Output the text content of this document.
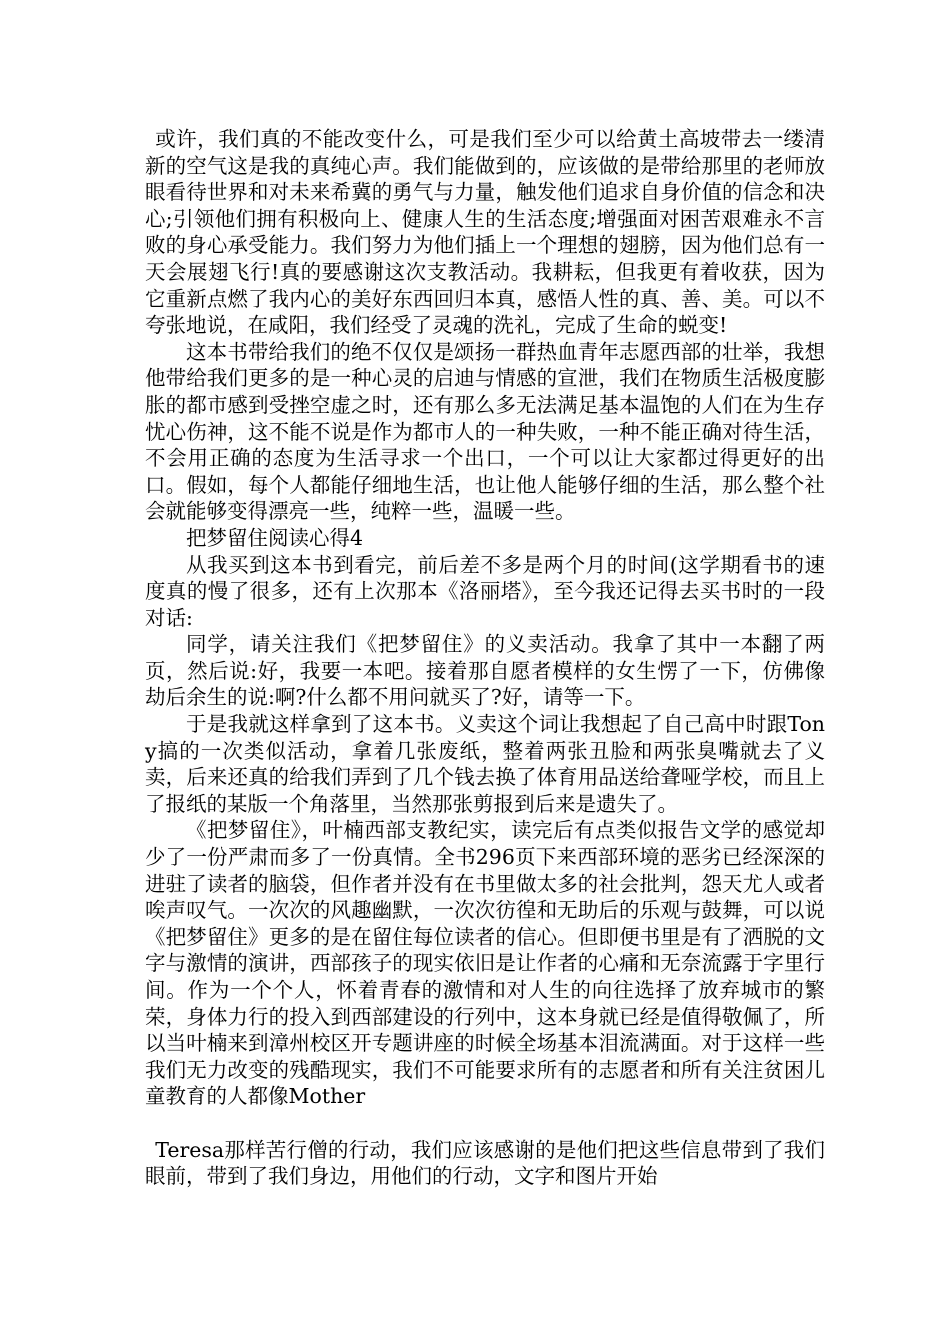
或许，我们真的不能改变什么，可是我们至少可以给黄土高坡带去一缕清新的空气这是我的真纯心声。我们能做到的，应该做的是带给那里的老师放眼看待世界和对未来希冀的勇气与力量，触发他们追求自身价值的信念和决心;引领他们拥有积极向上、健康人生的生活态度;增强面对困苦艰难永不言败的身心承受能力。我们努力为他们插上一个理想的翅膀，因为他们总有一天会展翅飞行!真的要感谢这次支教活动。我耕耘，但我更有着收获，因为它重新点燃了我内心的美好东西回归本真，感悟人性的真、善、美。可以不夸张地说，在咸阳，我们经受了灵魂的洗礼，完成了生命的蜕变!

这本书带给我们的绝不仅仅是颂扬一群热血青年志愿西部的壮举，我想他带给我们更多的是一种心灵的启迪与情感的宣泄，我们在物质生活极度膨胀的都市感到受挫空虚之时，还有那么多无法满足基本温饱的人们在为生存忧心伤神，这不能不说是作为都市人的一种失败，一种不能正确对待生活，不会用正确的态度为生活寻求一个出口，一个可以让大家都过得更好的出口。假如，每个人都能仔细地生活，也让他人能够仔细的生活，那么整个社会就能够变得漂亮一些，纯粹一些，温暖一些。

把梦留住阅读心得4

从我买到这本书到看完，前后差不多是两个月的时间(这学期看书的速度真的慢了很多，还有上次那本《洛丽塔》，至今我还记得去买书时的一段对话:

同学，请关注我们《把梦留住》的义卖活动。我拿了其中一本翻了两页，然后说:好，我要一本吧。接着那自愿者模样的女生愣了一下，仿佛像劫后余生的说:啊?什么都不用问就买了?好，请等一下。

于是我就这样拿到了这本书。义卖这个词让我想起了自己高中时跟Tony搞的一次类似活动，拿着几张废纸，整着两张丑脸和两张臭嘴就去了义卖，后来还真的给我们弄到了几个钱去换了体育用品送给聋哑学校，而且上了报纸的某版一个角落里，当然那张剪报到后来是遗失了。

《把梦留住》，叶楠西部支教纪实，读完后有点类似报告文学的感觉却少了一份严肃而多了一份真情。全书296页下来西部环境的恶劣已经深深的进驻了读者的脑袋，但作者并没有在书里做太多的社会批判，怨天尤人或者唉声叹气。一次次的风趣幽默，一次次彷徨和无助后的乐观与鼓舞，可以说《把梦留住》更多的是在留住每位读者的信心。但即便书里是有了洒脱的文字与激情的演讲，西部孩子的现实依旧是让作者的心痛和无奈流露于字里行间。作为一个个人，怀着青春的激情和对人生的向往选择了放弃城市的繁荣，身体力行的投入到西部建设的行列中，这本身就已经是值得敬佩了，所以当叶楠来到漳州校区开专题讲座的时候全场基本泪流满面。对于这样一些我们无力改变的残酷现实，我们不可能要求所有的志愿者和所有关注贫困儿童教育的人都像Mother

Teresa那样苦行僧的行动，我们应该感谢的是他们把这些信息带到了我们眼前，带到了我们身边，用他们的行动，文字和图片开始
